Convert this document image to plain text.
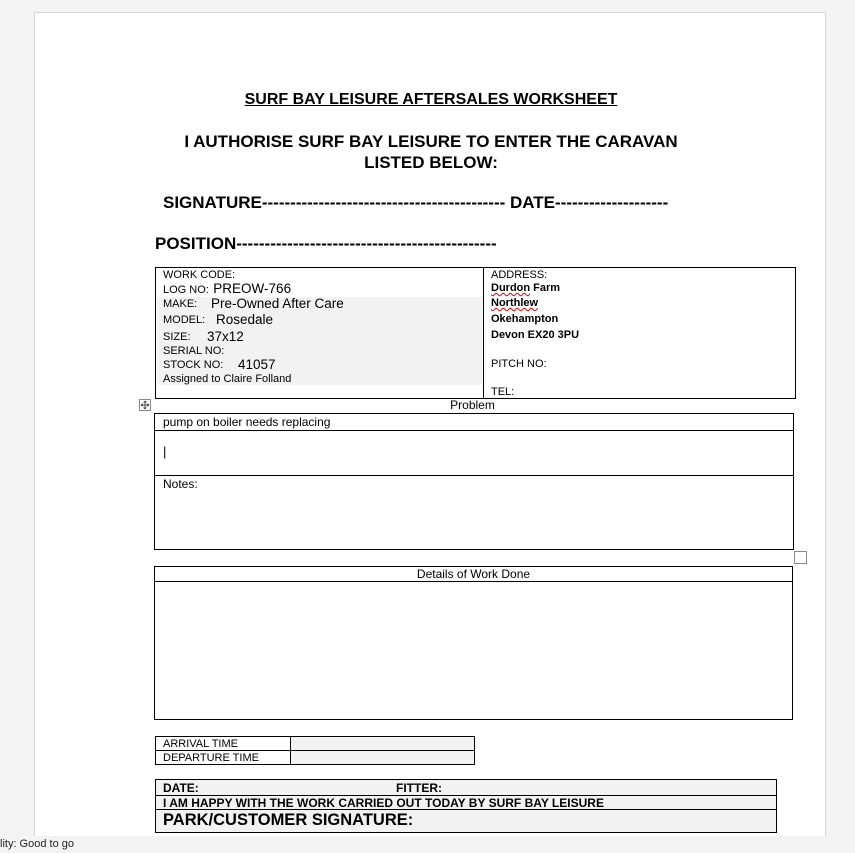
SURF BAY LEISURE AFTERSALES WORKSHEET
I AUTHORISE SURF BAY LEISURE TO ENTER THE CARAVAN
LISTED BELOW:
SIGNATURE------------------------------------------- DATE--------------------
POSITION----------------------------------------------
WORK CODE:
LOG NO: PREOW-766
MAKE: Pre-Owned After Care
MODEL: Rosedale
SIZE: 37x12
SERIAL NO:
STOCK NO: 41057
Assigned to Claire Folland
ADDRESS:
Durdon Farm
Northlew
Okehampton
Devon EX20 3PU
PITCH NO:
TEL:
Problem
pump on boiler needs replacing
|
Notes:
Details of Work Done
ARRIVAL TIME
DEPARTURE TIME
DATE:	FITTER:
I AM HAPPY WITH THE WORK CARRIED OUT TODAY BY SURF BAY LEISURE
PARK/CUSTOMER SIGNATURE:
lity: Good to go
